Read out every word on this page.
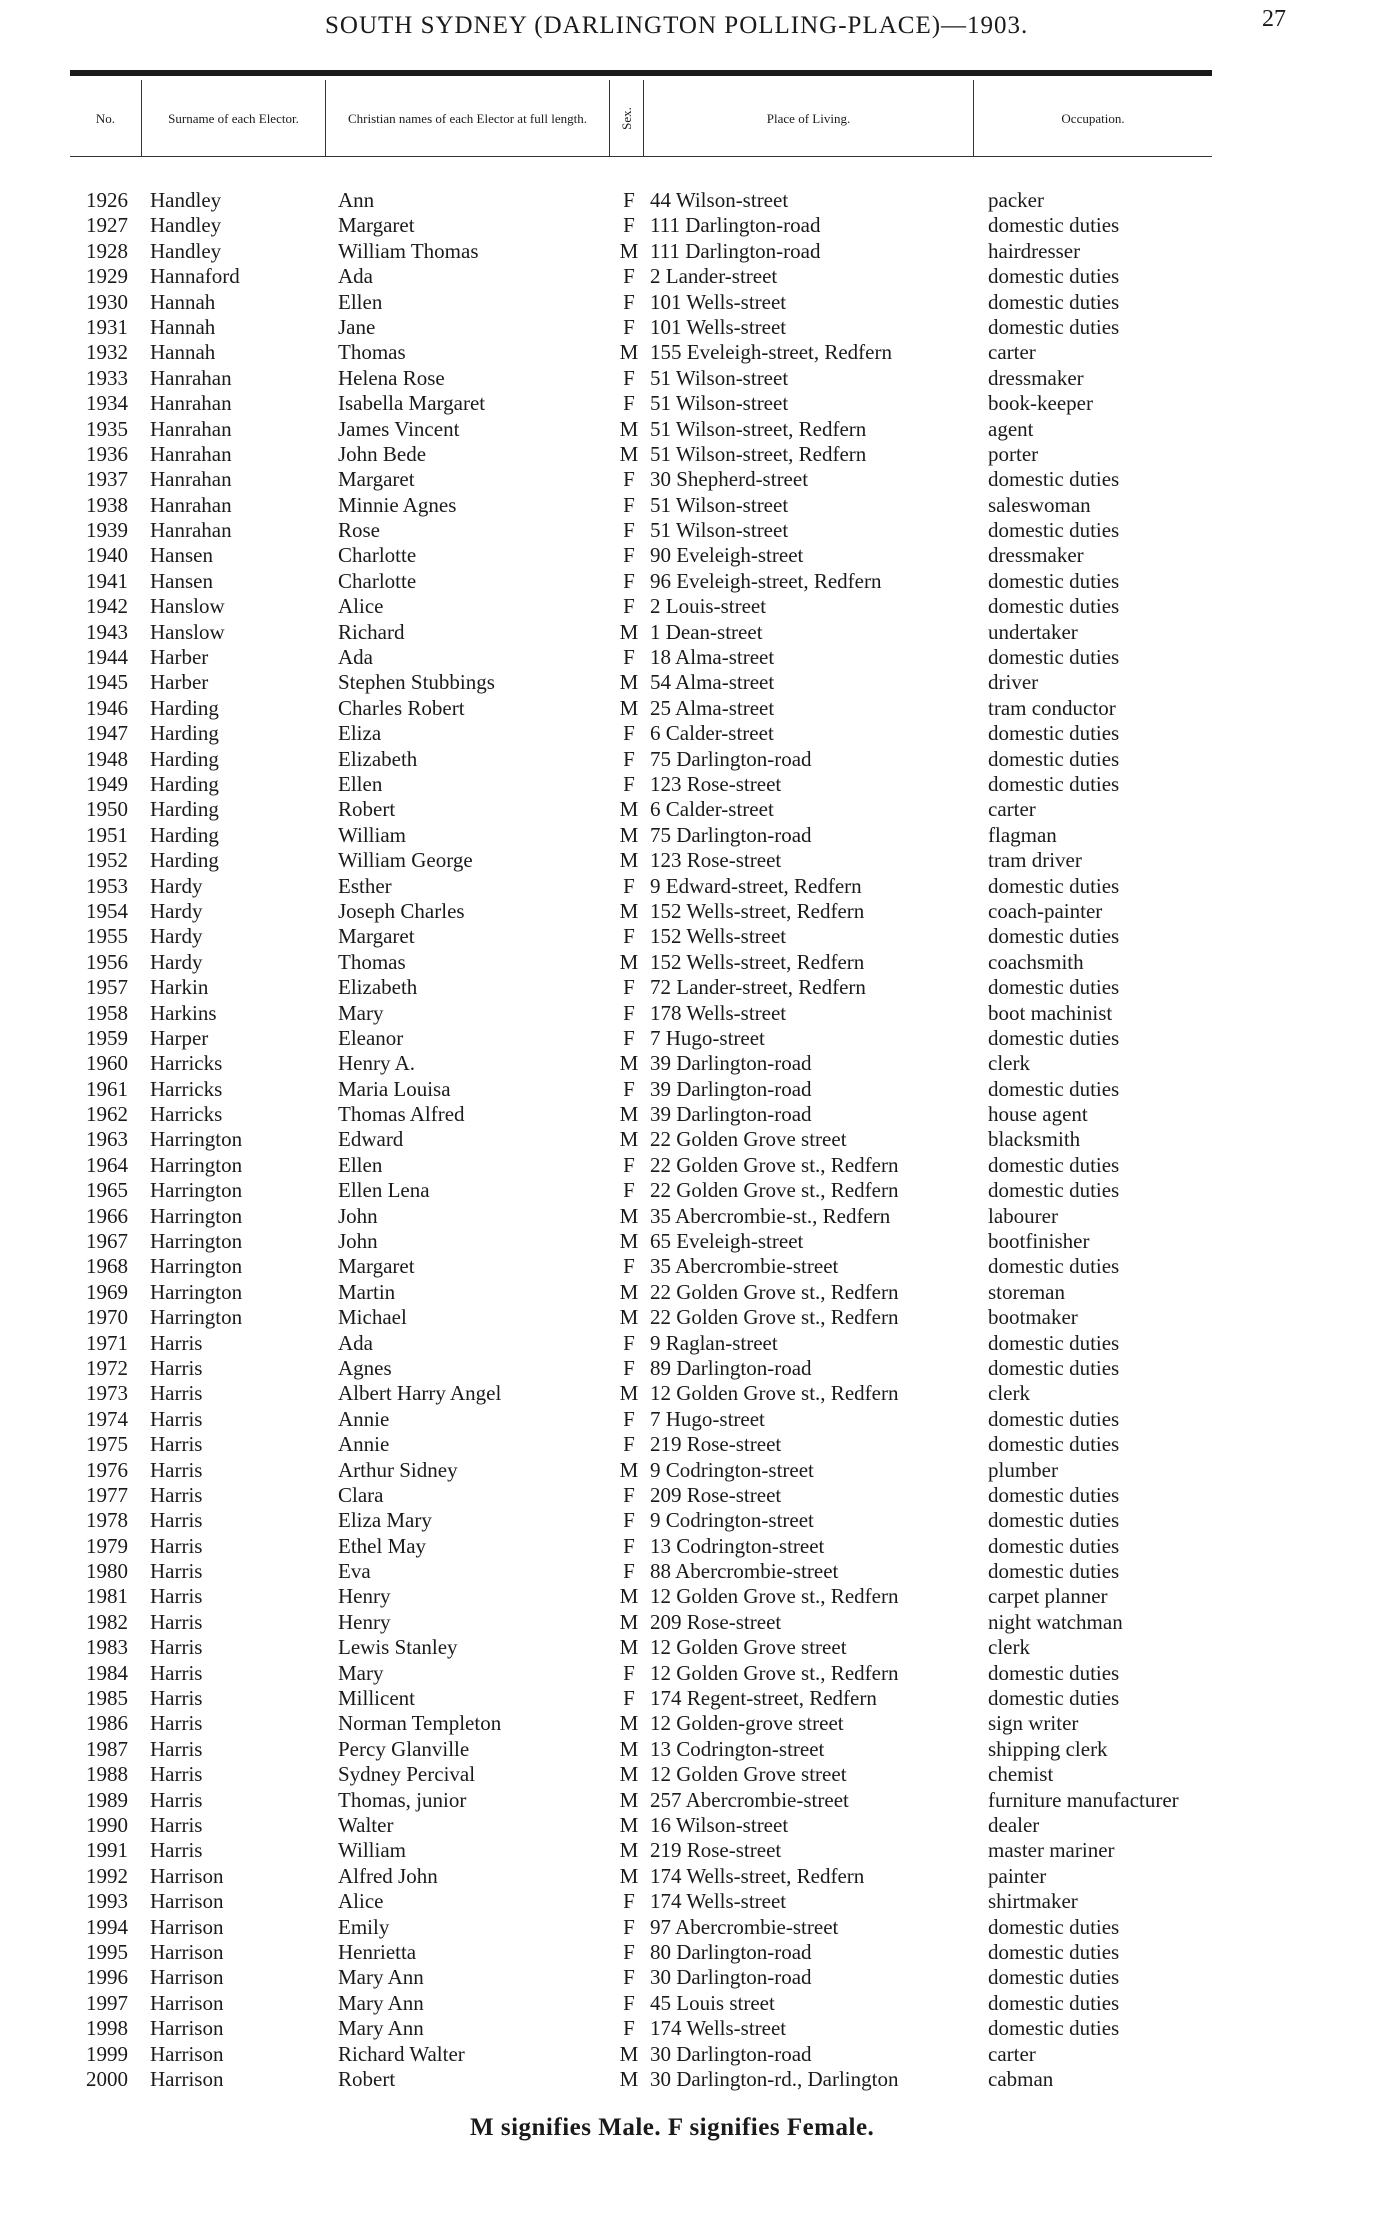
SOUTH SYDNEY (DARLINGTON POLLING-PLACE)—1903.	27
No.	Surname of each Elector.	Christian names of each Elector at full length. Sex.	Place of Living.	Occupation.
1926 Handley	Ann	F 44 Wilson-street	packer
1927 Handley	Margaret	F 111 Darlington-road	domestic duties
1928 Handley	William Thomas	M 111 Darlington-road	hairdresser
1929 Hannaford	Ada	F 2 Lander-street	domestic duties
1930 Hannah	Ellen	F 101 Wells-street	domestic duties
1931 Hannah	Jane	F 101 Wells-street	domestic duties
1932 Hannah	Thomas	M 155 Eveleigh-street, Redfern	carter
1933 Hanrahan	Helena Rose	F 51 Wilson-street	dressmaker
1934 Hanrahan	Isabella Margaret	F 51 Wilson-street	book-keeper
1935 Hanrahan	James Vincent	M 51 Wilson-street, Redfern	agent
1936 Hanrahan	John Bede	M 51 Wilson-street, Redfern	porter
1937 Hanrahan	Margaret	F 30 Shepherd-street	domestic duties
1938 Hanrahan	Minnie Agnes	F 51 Wilson-street	saleswoman
1939 Hanrahan	Rose	F 51 Wilson-street	domestic duties
1940 Hansen	Charlotte	F 90 Eveleigh-street	dressmaker
1941 Hansen	Charlotte	F 96 Eveleigh-street, Redfern	domestic duties
1942 Hanslow	Alice	F 2 Louis-street	domestic duties
1943 Hanslow	Richard	M 1 Dean-street	undertaker
1944 Harber	Ada	F 18 Alma-street	domestic duties
1945 Harber	Stephen Stubbings	M 54 Alma-street	driver
1946 Harding	Charles Robert	M 25 Alma-street	tram conductor
1947 Harding	Eliza	F 6 Calder-street	domestic duties
1948 Harding	Elizabeth	F 75 Darlington-road	domestic duties
1949 Harding	Ellen	F 123 Rose-street	domestic duties
1950 Harding	Robert	M 6 Calder-street	carter
1951 Harding	William	M 75 Darlington-road	flagman
1952 Harding	William George	M 123 Rose-street	tram driver
1953 Hardy	Esther	F 9 Edward-street, Redfern	domestic duties
1954 Hardy	Joseph Charles	M 152 Wells-street, Redfern	coach-painter
1955 Hardy	Margaret	F 152 Wells-street	domestic duties
1956 Hardy	Thomas	M 152 Wells-street, Redfern	coachsmith
1957 Harkin	Elizabeth	F 72 Lander-street, Redfern	domestic duties
1958 Harkins	Mary	F 178 Wells-street	boot machinist
1959 Harper	Eleanor	F 7 Hugo-street	domestic duties
1960 Harricks	Henry A.	M 39 Darlington-road	clerk
1961 Harricks	Maria Louisa	F 39 Darlington-road	domestic duties
1962 Harricks	Thomas Alfred	M 39 Darlington-road	house agent
1963 Harrington	Edward	M 22 Golden Grove street	blacksmith
1964 Harrington	Ellen	F 22 Golden Grove st., Redfern	domestic duties
1965 Harrington	Ellen Lena	F 22 Golden Grove st., Redfern	domestic duties
1966 Harrington	John	M 35 Abercrombie-st., Redfern	labourer
1967 Harrington	John	M 65 Eveleigh-street	bootfinisher
1968 Harrington	Margaret	F 35 Abercrombie-street	domestic duties
1969 Harrington	Martin	M 22 Golden Grove st., Redfern	storeman
1970 Harrington	Michael	M 22 Golden Grove st., Redfern	bootmaker
1971 Harris	Ada	F 9 Raglan-street	domestic duties
1972 Harris	Agnes	F 89 Darlington-road	domestic duties
1973 Harris	Albert Harry Angel	M 12 Golden Grove st., Redfern	clerk
1974 Harris	Annie	F 7 Hugo-street	domestic duties
1975 Harris	Annie	F 219 Rose-street	domestic duties
1976 Harris	Arthur Sidney	M 9 Codrington-street	plumber
1977 Harris	Clara	F 209 Rose-street	domestic duties
1978 Harris	Eliza Mary	F 9 Codrington-street	domestic duties
1979 Harris	Ethel May	F 13 Codrington-street	domestic duties
1980 Harris	Eva	F 88 Abercrombie-street	domestic duties
1981 Harris	Henry	M 12 Golden Grove st., Redfern	carpet planner
1982 Harris	Henry	M 209 Rose-street	night watchman
1983 Harris	Lewis Stanley	M 12 Golden Grove street	clerk
1984 Harris	Mary	F 12 Golden Grove st., Redfern	domestic duties
1985 Harris	Millicent	F 174 Regent-street, Redfern	domestic duties
1986 Harris	Norman Templeton	M 12 Golden-grove street	sign writer
1987 Harris	Percy Glanville	M 13 Codrington-street	shipping clerk
1988 Harris	Sydney Percival	M 12 Golden Grove street	chemist
1989 Harris	Thomas, junior	M 257 Abercrombie-street	furniture manufacturer
1990 Harris	Walter	M 16 Wilson-street	dealer
1991 Harris	William	M 219 Rose-street	master mariner
1992 Harrison	Alfred John	M 174 Wells-street, Redfern	painter
1993 Harrison	Alice	F 174 Wells-street	shirtmaker
1994 Harrison	Emily	F 97 Abercrombie-street	domestic duties
1995 Harrison	Henrietta	F 80 Darlington-road	domestic duties
1996 Harrison	Mary Ann	F 30 Darlington-road	domestic duties
1997 Harrison	Mary Ann	F 45 Louis street	domestic duties
1998 Harrison	Mary Ann	F 174 Wells-street	domestic duties
1999 Harrison	Richard Walter	M 30 Darlington-road	carter
2000 Harrison	Robert	M 30 Darlington-rd., Darlington	cabman
M signifies Male. F signifies Female.
